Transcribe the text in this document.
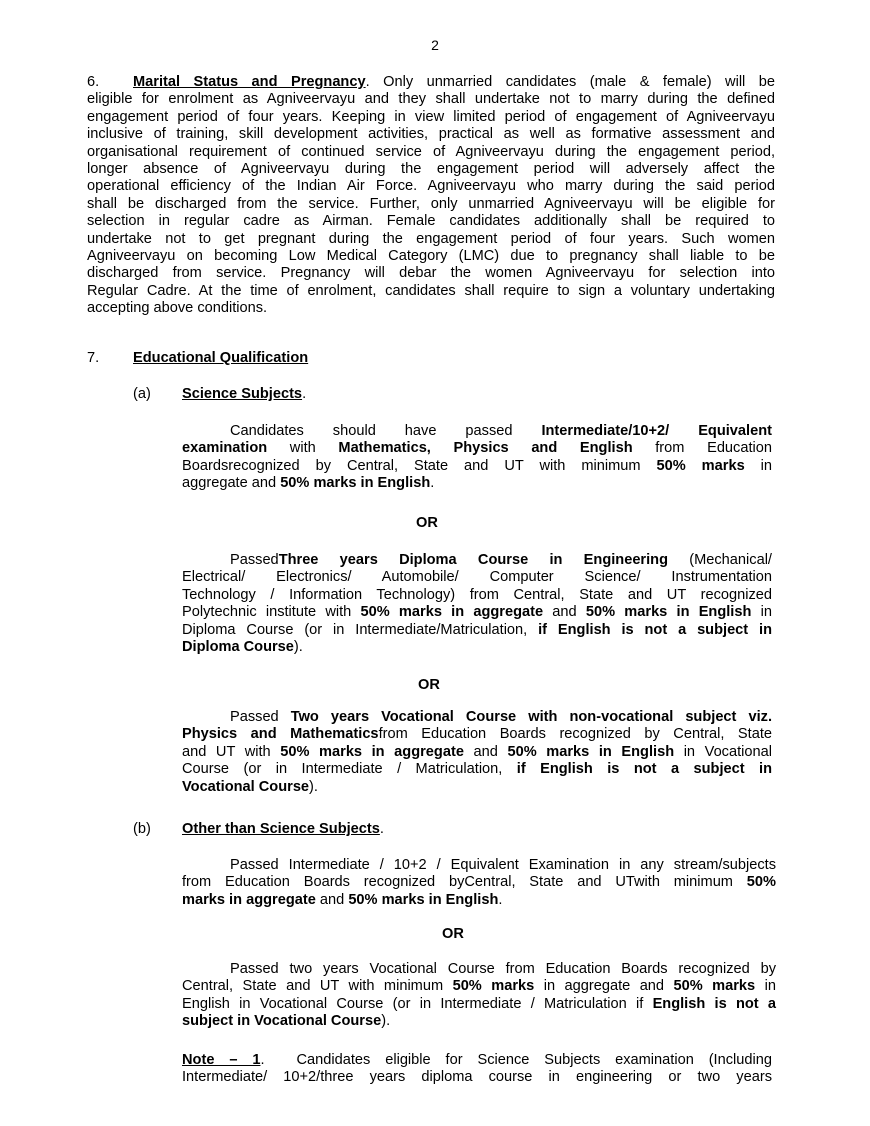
2
6.	Marital Status and Pregnancy. Only unmarried candidates (male & female) will be
eligible for enrolment as Agniveervayu and they shall undertake not to marry during the defined
engagement period of four years. Keeping in view limited period of engagement of Agniveervayu
inclusive of training, skill development activities, practical as well as formative assessment and
organisational requirement of continued service of Agniveervayu during the engagement period,
longer absence of Agniveervayu during the engagement period will adversely affect the
operational efficiency of the Indian Air Force. Agniveervayu who marry during the said period
shall be discharged from the service. Further, only unmarried Agniveervayu will be eligible for
selection in regular cadre as Airman. Female candidates additionally shall be required to
undertake not to get pregnant during the engagement period of four years. Such women
Agniveervayu on becoming Low Medical Category (LMC) due to pregnancy shall liable to be
discharged from service. Pregnancy will debar the women Agniveervayu for selection into
Regular Cadre. At the time of enrolment, candidates shall require to sign a voluntary undertaking
accepting above conditions.
7. Educational Qualification
(a) Science Subjects.
Candidates should have passed Intermediate/10+2/ Equivalent
examination with Mathematics, Physics and English from Education
Boardsrecognized by Central, State and UT with minimum 50% marks in
aggregate and 50% marks in English.
OR
PassedThree years Diploma Course in Engineering (Mechanical/
Electrical/ Electronics/ Automobile/ Computer Science/ Instrumentation
Technology / Information Technology) from Central, State and UT recognized
Polytechnic institute with 50% marks in aggregate and 50% marks in English in
Diploma Course (or in Intermediate/Matriculation, if English is not a subject in
Diploma Course).
OR
Passed Two years Vocational Course with non-vocational subject viz.
Physics and Mathematicsfrom Education Boards recognized by Central, State
and UT with 50% marks in aggregate and 50% marks in English in Vocational
Course (or in Intermediate / Matriculation, if English is not a subject in
Vocational Course).
(b) Other than Science Subjects.
Passed Intermediate / 10+2 / Equivalent Examination in any stream/subjects
from Education Boards recognized byCentral, State and UTwith minimum 50%
marks in aggregate and 50% marks in English.
OR
Passed two years Vocational Course from Education Boards recognized by
Central, State and UT with minimum 50% marks in aggregate and 50% marks in
English in Vocational Course (or in Intermediate / Matriculation if English is not a
subject in Vocational Course).
Note – 1. Candidates eligible for Science Subjects examination (Including
Intermediate/ 10+2/three years diploma course in engineering or two years
